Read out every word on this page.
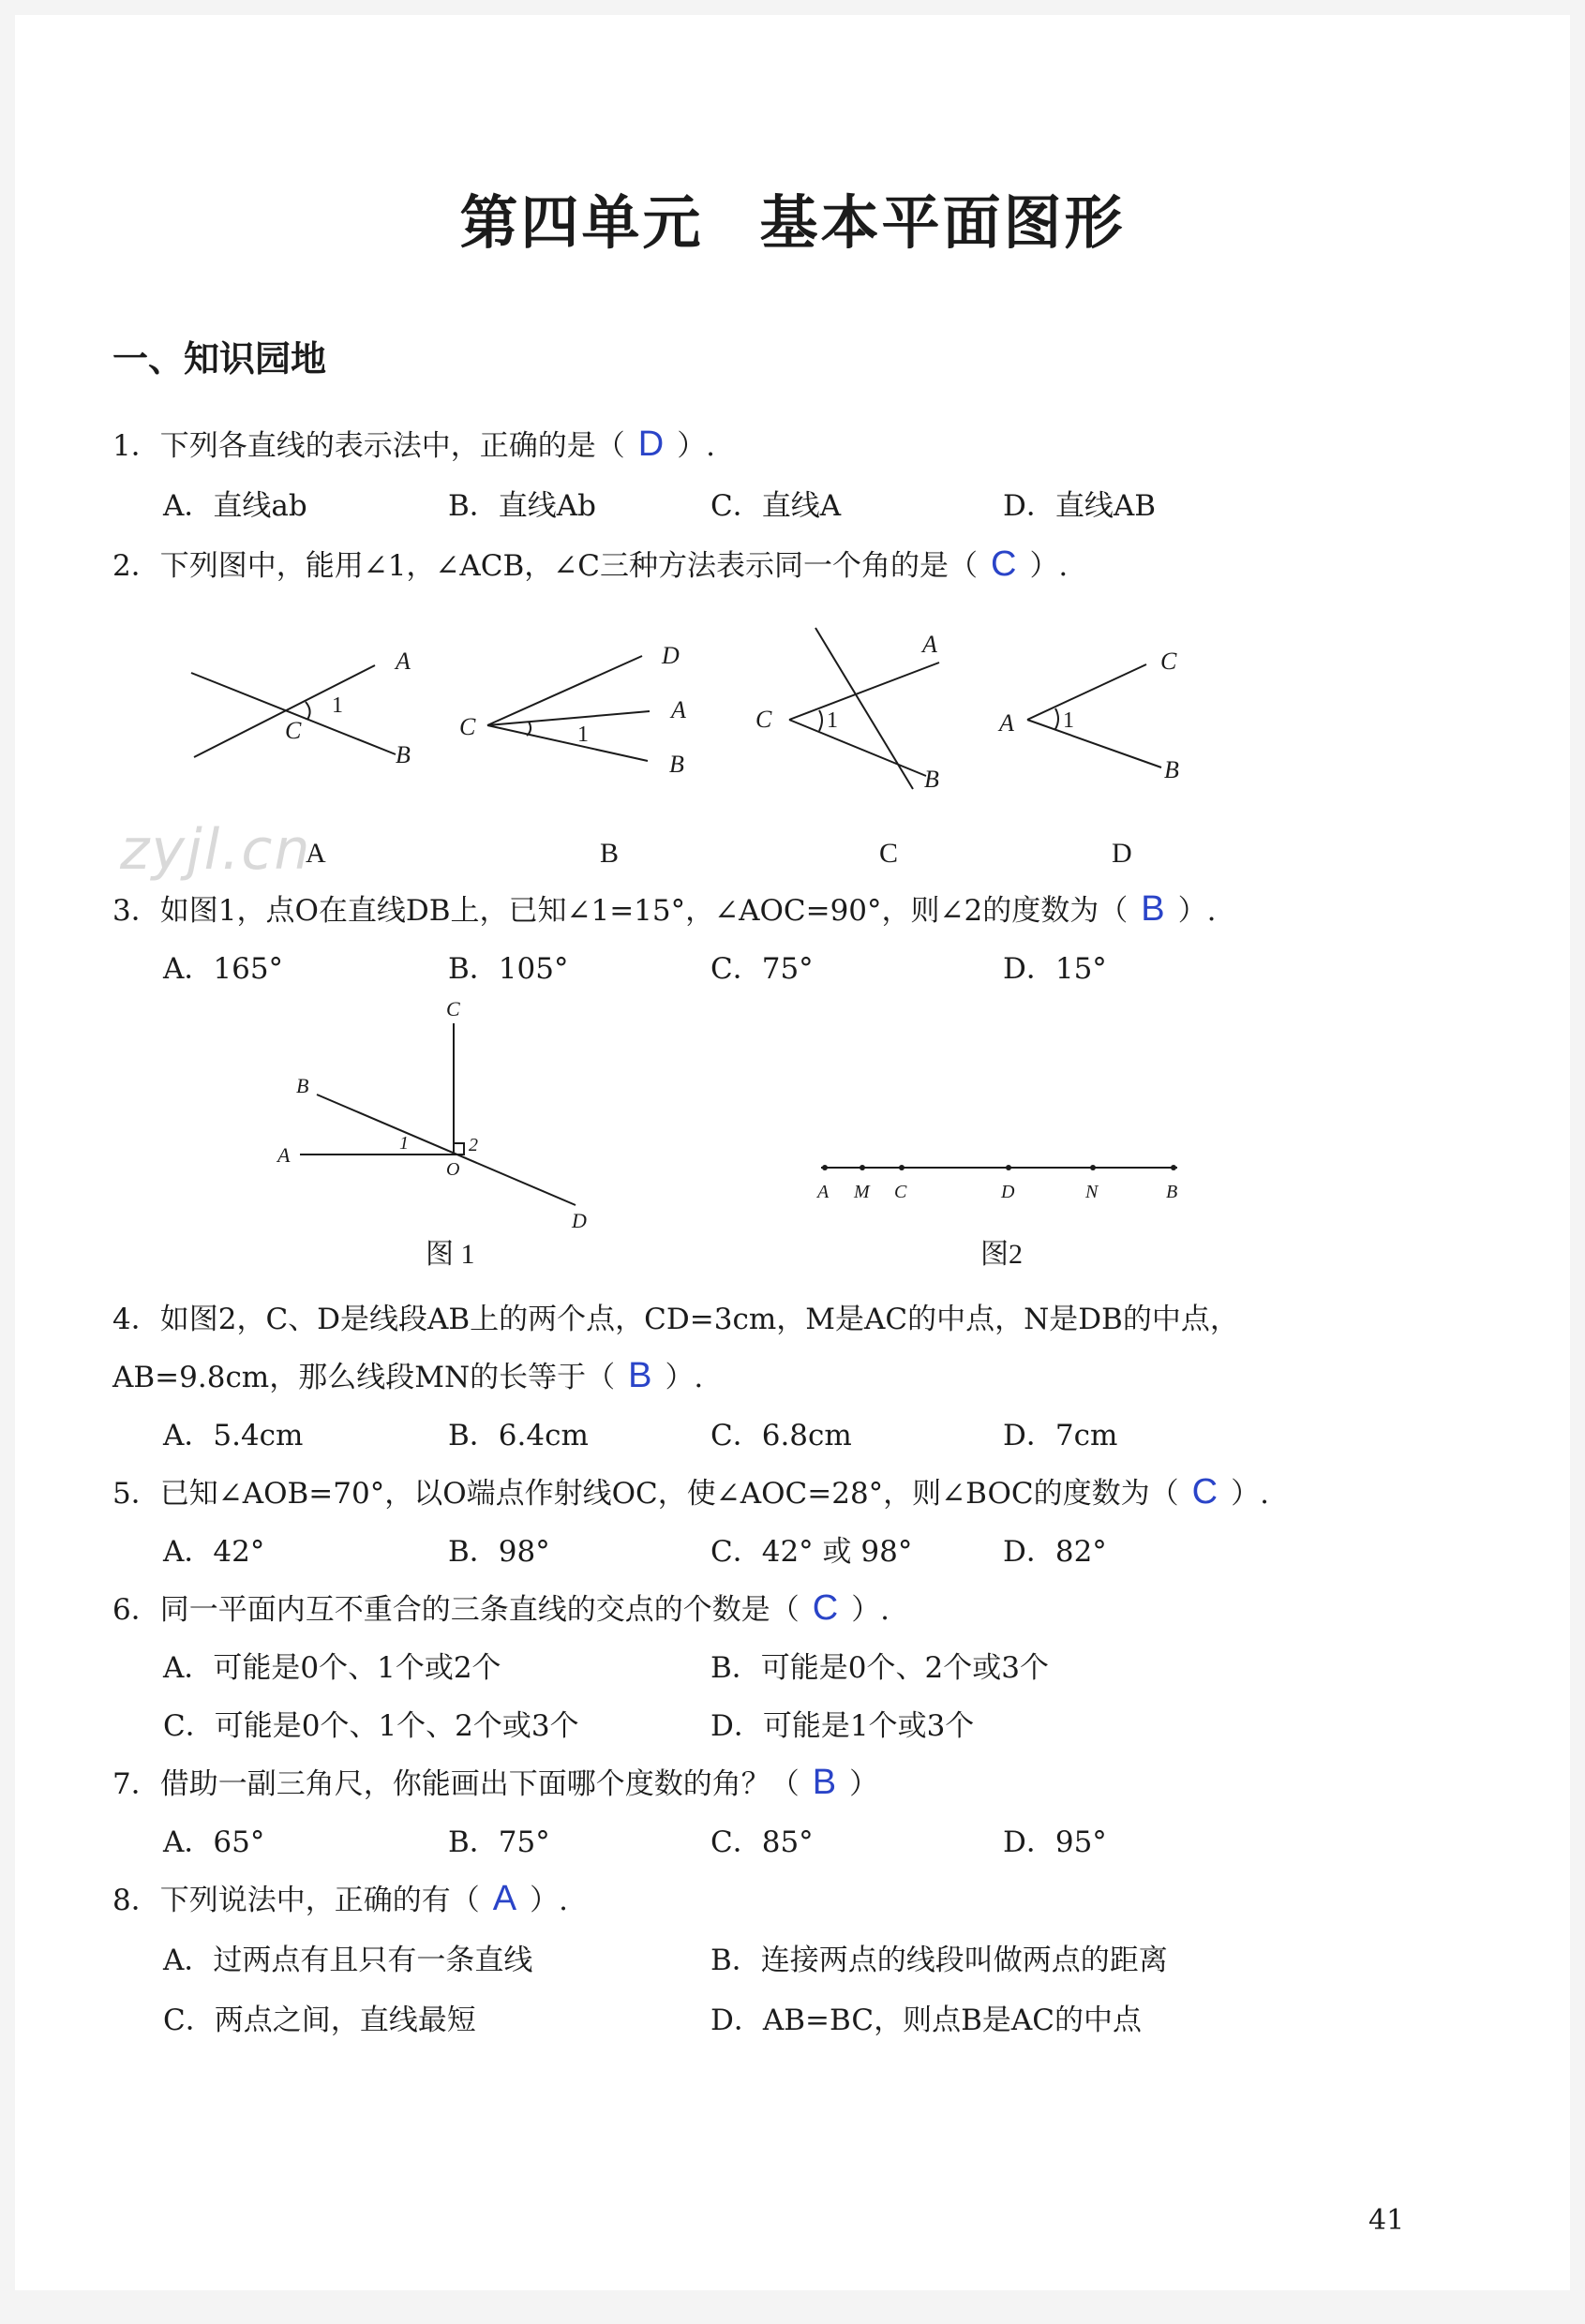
第四单元 基本平面图形
一、知识园地
1．下列各直线的表示法中，正确的是（ D ）.
A．直线ab	B．直线Ab	C．直线A	D．直线AB
2．下列图中，能用∠1，∠ACB，∠C三种方法表示同一个角的是（ C ）.
zyjl.cn
A
B
C
1
D
A
B
C	1
A
B
C 1
C
A
B
1
A	B	C	D
C
B
A
O
D
1	2
A M C	D	N	B
图 1	图2
3．如图1，点O在直线DB上，已知∠1=15°，∠AOC=90°，则∠2的度数为（ B ）.
A．165°	B．105°	C．75°	D．15°
4．如图2，C、D是线段AB上的两个点，CD=3cm，M是AC的中点，N是DB的中点，
AB=9.8cm，那么线段MN的长等于（ B ）.
A．5.4cm	B．6.4cm	C．6.8cm	D．7cm
5．已知∠AOB=70°，以O端点作射线OC，使∠AOC=28°，则∠BOC的度数为（ C ）.
A．42°	B．98°	C．42° 或 98°	D．82°
6．同一平面内互不重合的三条直线的交点的个数是（ C ）.
A．可能是0个、1个或2个	B．可能是0个、2个或3个
C．可能是0个、1个、2个或3个	D．可能是1个或3个
7．借助一副三角尺，你能画出下面哪个度数的角？（ B ）
A．65°	B．75°	C．85°	D．95°
8．下列说法中，正确的有（ A ）.
A．过两点有且只有一条直线	B．连接两点的线段叫做两点的距离
C．两点之间，直线最短	D．AB=BC，则点B是AC的中点
41
